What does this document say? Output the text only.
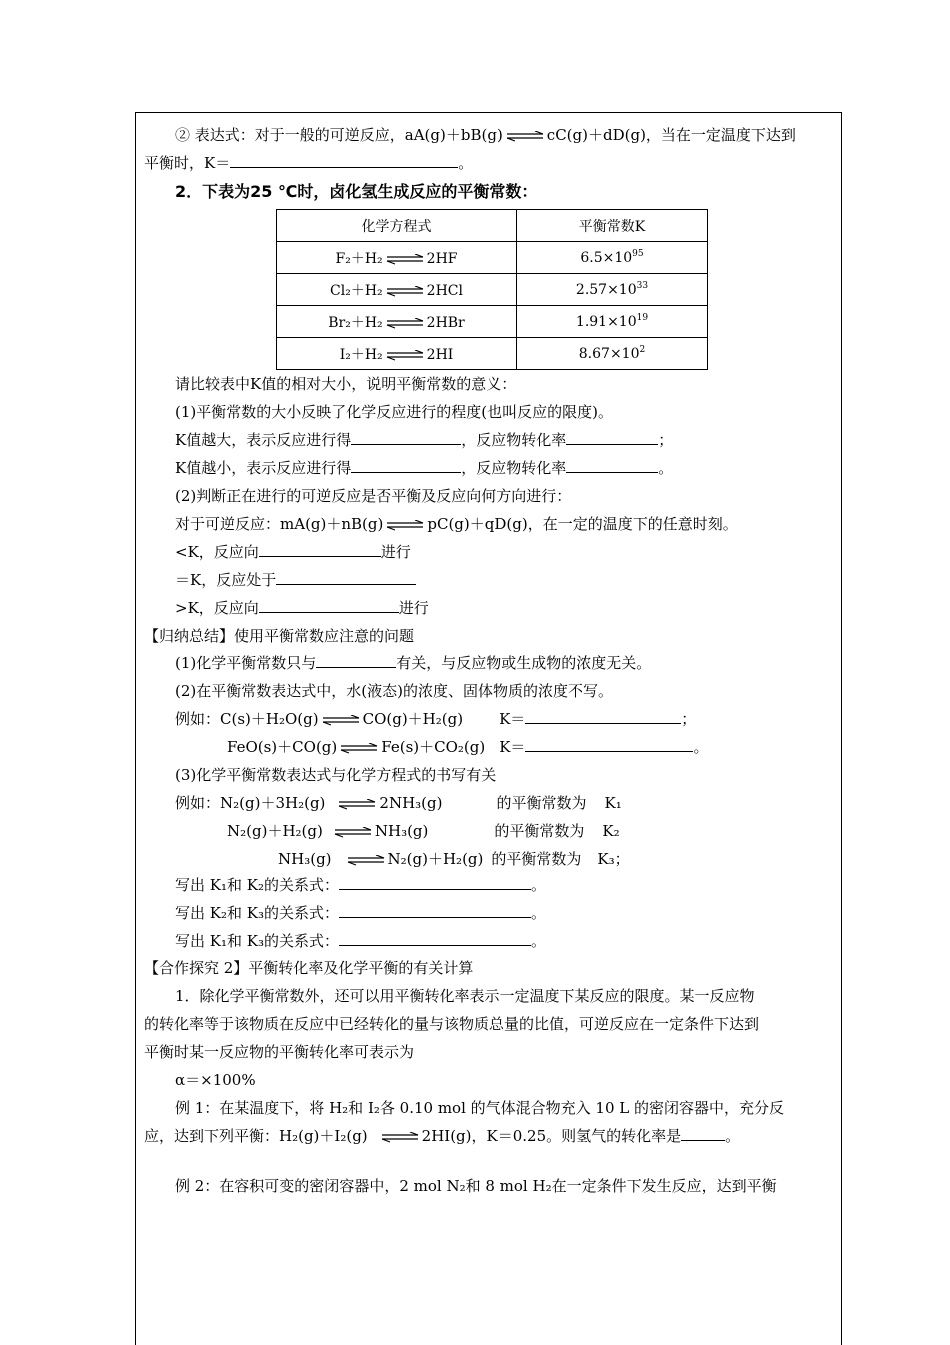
② 表达式：对于一般的可逆反应，aA(g)＋bB(g)	cC(g)＋dD(g)，当在一定温度下达到
平衡时，K＝	。
2．下表为25 ℃时，卤化氢生成反应的平衡常数：
化学方程式	平衡常数K
F₂＋H₂ 2HF	$6.5\times 10^{95}$
Cl₂＋H₂ 2HCl	$2.57\times 10^{33}$
Br₂＋H₂ 2HBr	$1.91\times 10^{19}$
I₂＋H₂ 2HI	$8.67\times 10^2$
请比较表中K值的相对大小，说明平衡常数的意义：
(1)平衡常数的大小反映了化学反应进行的程度(也叫反应的限度)。
K值越大，表示反应进行得	，反应物转化率	；
K值越小，表示反应进行得	，反应物转化率	。
(2)判断正在进行的可逆反应是否平衡及反应向何方向进行：
对于可逆反应：mA(g)＋nB(g)	pC(g)＋qD(g)，在一定的温度下的任意时刻。
<K，反应向	进行
＝K，反应处于
>K，反应向	进行
【归纳总结】使用平衡常数应注意的问题
(1)化学平衡常数只与	有关，与反应物或生成物的浓度无关。
(2)在平衡常数表达式中，水(液态)的浓度、固体物质的浓度不写。
例如：C(s)＋H₂O(g)	CO(g)＋H₂(g) K＝	；
FeO(s)＋CO(g)	Fe(s)＋CO₂(g) K＝	。
(3)化学平衡常数表达式与化学方程式的书写有关
例如：N₂(g)＋3H₂(g)	2NH₃(g)	的平衡常数为 K₁
N₂(g)＋H₂(g)	NH₃(g)	的平衡常数为 K₂
NH₃(g)	N₂(g)＋H₂(g) 的平衡常数为 K₃；
写出 K₁和 K₂的关系式：	。
写出 K₂和 K₃的关系式：	。
写出 K₁和 K₃的关系式：	。
【合作探究 2】平衡转化率及化学平衡的有关计算
1．除化学平衡常数外，还可以用平衡转化率表示一定温度下某反应的限度。某一反应物
的转化率等于该物质在反应中已经转化的量与该物质总量的比值，可逆反应在一定条件下达到
平衡时某一反应物的平衡转化率可表示为
α＝×100%
例 1：在某温度下，将 H₂和 I₂各 0.10 mol 的气体混合物充入 10 L 的密闭容器中，充分反
应，达到下列平衡：H₂(g)＋I₂(g)	2HI(g)，K＝0.25。则氢气的转化率是	。
例 2：在容积可变的密闭容器中，2 mol N₂和 8 mol H₂在一定条件下发生反应，达到平衡
